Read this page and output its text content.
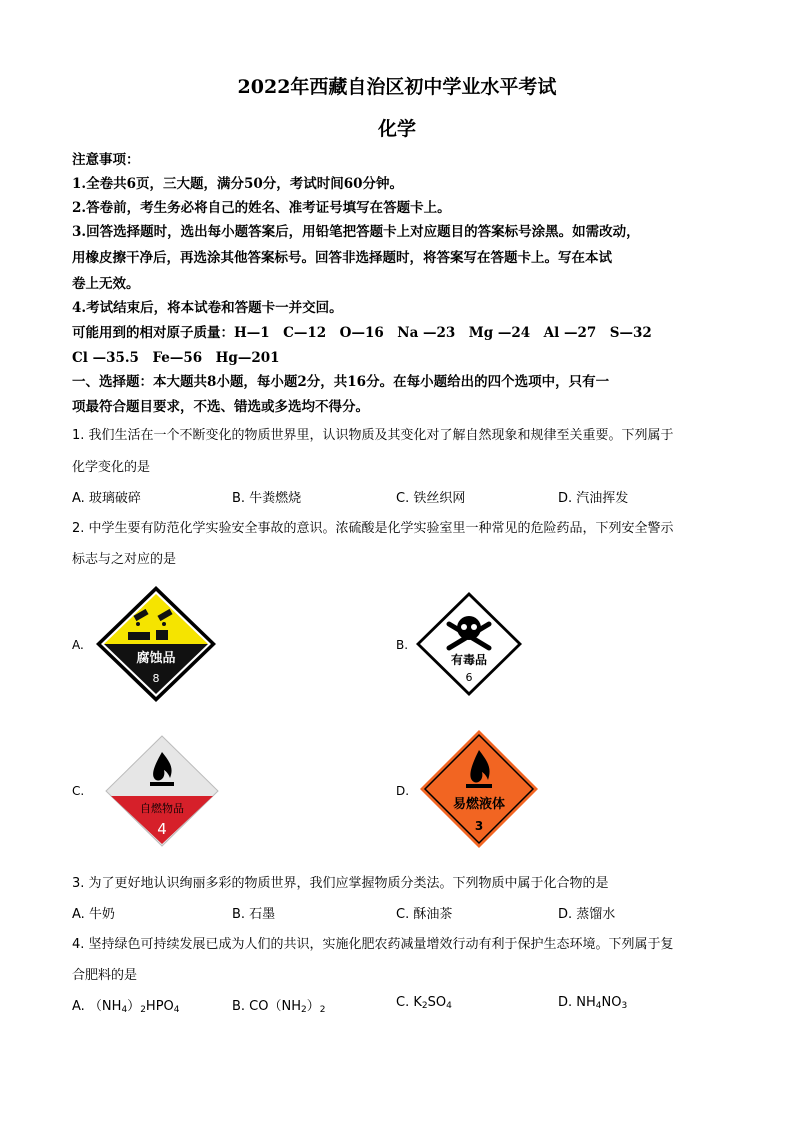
2022年西藏自治区初中学业水平考试
化学
注意事项：
1.全卷共6页，三大题，满分50分，考试时间60分钟。
2.答卷前，考生务必将自己的姓名、准考证号填写在答题卡上。
3.回答选择题时，选出每小题答案后，用铅笔把答题卡上对应题目的答案标号涂黑。如需改动，
用橡皮擦干净后，再选涂其他答案标号。回答非选择题时，将答案写在答题卡上。写在本试
卷上无效。
4.考试结束后，将本试卷和答题卡一并交回。
可能用到的相对原子质量：H—1　C—12　O—16　Na —23　Mg —24　Al —27　S—32
Cl —35.5　Fe—56　Hg—201
一、选择题：本大题共8小题，每小题2分，共16分。在每小题给出的四个选项中，只有一
项最符合题目要求，不选、错选或多选均不得分。
1. 我们生活在一个不断变化的物质世界里，认识物质及其变化对了解自然现象和规律至关重要。下列属于
化学变化的是
A. 玻璃破碎	B. 牛粪燃烧	C. 铁丝织网	D. 汽油挥发
2. 中学生要有防范化学实验安全事故的意识。浓硫酸是化学实验室里一种常见的危险药品，下列安全警示
标志与之对应的是
A.	B.
C.	D.
腐蚀品
8
有毒品
6
自燃物品
4
易燃液体
3
3. 为了更好地认识绚丽多彩的物质世界，我们应掌握物质分类法。下列物质中属于化合物的是
A. 牛奶	B. 石墨	C. 酥油茶	D. 蒸馏水
4. 坚持绿色可持续发展已成为人们的共识，实施化肥农药减量增效行动有利于保护生态环境。下列属于复
合肥料的是
A. $(NH_4)_2HPO_4$	B. $CO(NH_2)_2$	C. $K_2SO_4$	D. $NH_4NO_3$
